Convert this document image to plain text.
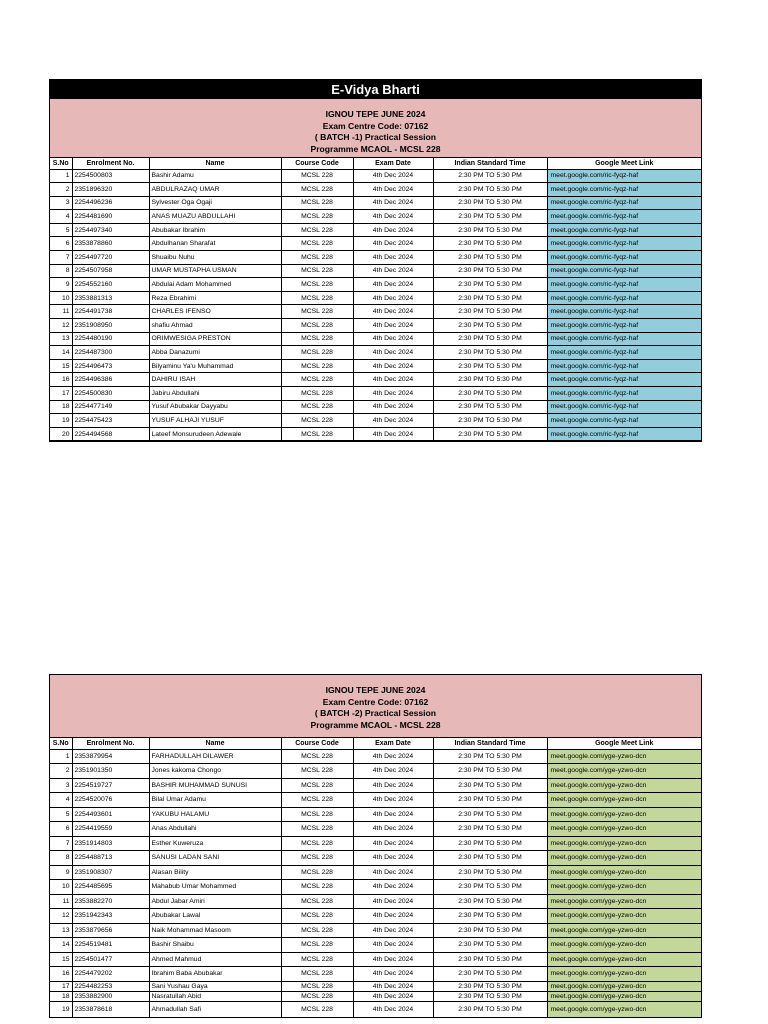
E-Vidya Bharti
IGNOU TEPE JUNE 2024
Exam Centre Code: 07162
( BATCH -1) Practical Session
Programme MCAOL - MCSL 228
S.No	Enrolment No.	Name	Course Code	Exam Date	Indian Standard Time	Google Meet Link
1	2254500803	Bashir Adamu	MCSL 228	4th Dec 2024	2:30 PM TO 5:30 PM	meet.google.com/ric-fyqz-haf
2	2351896320	ABDULRAZAQ UMAR	MCSL 228	4th Dec 2024	2:30 PM TO 5:30 PM	meet.google.com/ric-fyqz-haf
3	2254496236	Sylvester Oga Ogaji	MCSL 228	4th Dec 2024	2:30 PM TO 5:30 PM	meet.google.com/ric-fyqz-haf
4	2254481690	ANAS MUAZU ABDULLAHI	MCSL 228	4th Dec 2024	2:30 PM TO 5:30 PM	meet.google.com/ric-fyqz-haf
5	2254497340	Abubakar Ibrahim	MCSL 228	4th Dec 2024	2:30 PM TO 5:30 PM	meet.google.com/ric-fyqz-haf
6	2353878860	Abdulhanan Sharafat	MCSL 228	4th Dec 2024	2:30 PM TO 5:30 PM	meet.google.com/ric-fyqz-haf
7	2254497720	Shuaibu Nuhu	MCSL 228	4th Dec 2024	2:30 PM TO 5:30 PM	meet.google.com/ric-fyqz-haf
8	2254507958	UMAR MUSTAPHA USMAN	MCSL 228	4th Dec 2024	2:30 PM TO 5:30 PM	meet.google.com/ric-fyqz-haf
9	2254552160	Abdulai Adam Mohammed	MCSL 228	4th Dec 2024	2:30 PM TO 5:30 PM	meet.google.com/ric-fyqz-haf
10	2353881313	Reza Ebrahimi	MCSL 228	4th Dec 2024	2:30 PM TO 5:30 PM	meet.google.com/ric-fyqz-haf
11	2254491738	CHARLES IFENSO	MCSL 228	4th Dec 2024	2:30 PM TO 5:30 PM	meet.google.com/ric-fyqz-haf
12	2351908950	shafiu Ahmad	MCSL 228	4th Dec 2024	2:30 PM TO 5:30 PM	meet.google.com/ric-fyqz-haf
13	2254480190	ORIMWESIGA PRESTON	MCSL 228	4th Dec 2024	2:30 PM TO 5:30 PM	meet.google.com/ric-fyqz-haf
14	2254487300	Abba Danazumi	MCSL 228	4th Dec 2024	2:30 PM TO 5:30 PM	meet.google.com/ric-fyqz-haf
15	2254496473	Bilyaminu Ya'u Muhammad	MCSL 228	4th Dec 2024	2:30 PM TO 5:30 PM	meet.google.com/ric-fyqz-haf
16	2254496386	DAHIRU ISAH	MCSL 228	4th Dec 2024	2:30 PM TO 5:30 PM	meet.google.com/ric-fyqz-haf
17	2254500830	Jabiru Abdullahi	MCSL 228	4th Dec 2024	2:30 PM TO 5:30 PM	meet.google.com/ric-fyqz-haf
18	2254477149	Yusuf Abubakar Dayyabu	MCSL 228	4th Dec 2024	2:30 PM TO 5:30 PM	meet.google.com/ric-fyqz-haf
19	2254475423	YUSUF ALHAJI YUSUF	MCSL 228	4th Dec 2024	2:30 PM TO 5:30 PM	meet.google.com/ric-fyqz-haf
20	2254494568	Lateef Monsurudeen Adewale	MCSL 228	4th Dec 2024	2:30 PM TO 5:30 PM	meet.google.com/ric-fyqz-haf
IGNOU TEPE JUNE 2024
Exam Centre Code: 07162
( BATCH -2) Practical Session
Programme MCAOL - MCSL 228
S.No	Enrolment No.	Name	Course Code	Exam Date	Indian Standard Time	Google Meet Link
1	2353879954	FARHADULLAH DILAWER	MCSL 228	4th Dec 2024	2:30 PM TO 5:30 PM	meet.google.com/yge-yzwo-dcn
2	2351901350	Jones kakoma Chongo	MCSL 228	4th Dec 2024	2:30 PM TO 5:30 PM	meet.google.com/yge-yzwo-dcn
3	2254519727	BASHIR MUHAMMAD SUNUSI	MCSL 228	4th Dec 2024	2:30 PM TO 5:30 PM	meet.google.com/yge-yzwo-dcn
4	2254520076	Bilal Umar Adamu	MCSL 228	4th Dec 2024	2:30 PM TO 5:30 PM	meet.google.com/yge-yzwo-dcn
5	2254493601	YAKUBU HALAMU	MCSL 228	4th Dec 2024	2:30 PM TO 5:30 PM	meet.google.com/yge-yzwo-dcn
6	2254419559	Anas Abdullahi	MCSL 228	4th Dec 2024	2:30 PM TO 5:30 PM	meet.google.com/yge-yzwo-dcn
7	2351914803	Esther Kuweruza	MCSL 228	4th Dec 2024	2:30 PM TO 5:30 PM	meet.google.com/yge-yzwo-dcn
8	2254488713	SANUSI LADAN SANI	MCSL 228	4th Dec 2024	2:30 PM TO 5:30 PM	meet.google.com/yge-yzwo-dcn
9	2351908307	Alasan Bility	MCSL 228	4th Dec 2024	2:30 PM TO 5:30 PM	meet.google.com/yge-yzwo-dcn
10	2254485695	Mahabub Umar Mohammed	MCSL 228	4th Dec 2024	2:30 PM TO 5:30 PM	meet.google.com/yge-yzwo-dcn
11	2353882270	Abdul Jabar Amiri	MCSL 228	4th Dec 2024	2:30 PM TO 5:30 PM	meet.google.com/yge-yzwo-dcn
12	2351942343	Abubakar Lawal	MCSL 228	4th Dec 2024	2:30 PM TO 5:30 PM	meet.google.com/yge-yzwo-dcn
13	2353879656	Naik Mohammad Masoom	MCSL 228	4th Dec 2024	2:30 PM TO 5:30 PM	meet.google.com/yge-yzwo-dcn
14	2254519481	Bashir Shaibu	MCSL 228	4th Dec 2024	2:30 PM TO 5:30 PM	meet.google.com/yge-yzwo-dcn
15	2254501477	Ahmed Mahmud	MCSL 228	4th Dec 2024	2:30 PM TO 5:30 PM	meet.google.com/yge-yzwo-dcn
16	2254479202	Ibrahim Baba Abubakar	MCSL 228	4th Dec 2024	2:30 PM TO 5:30 PM	meet.google.com/yge-yzwo-dcn
17	2254482253	Sani Yushau Gaya	MCSL 228	4th Dec 2024	2:30 PM TO 5:30 PM	meet.google.com/yge-yzwo-dcn
18	2353882900	Nasratullah Abid	MCSL 228	4th Dec 2024	2:30 PM TO 5:30 PM	meet.google.com/yge-yzwo-dcn
19	2353878618	Ahmadullah Safi	MCSL 228	4th Dec 2024	2:30 PM TO 5:30 PM	meet.google.com/yge-yzwo-dcn
